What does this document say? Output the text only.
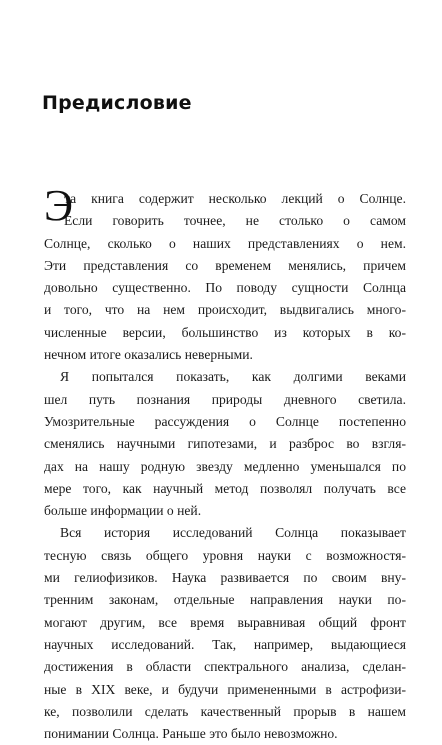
Предисловие
Э
та книга содержит несколько лекций о Солнце.
Если говорить точнее, не столько о самом
Солнце, сколько о наших представлениях о нем.
Эти представления со временем менялись, причем
довольно существенно. По поводу сущности Солнца
и того, что на нем происходит, выдвигались много-
численные версии, большинство из которых в ко-
нечном итоге оказались неверными.
Я попытался показать, как долгими веками
шел путь познания природы дневного светила.
Умозрительные рассуждения о Солнце постепенно
сменялись научными гипотезами, и разброс во взгля-
дах на нашу родную звезду медленно уменьшался по
мере того, как научный метод позволял получать все
больше информации о ней.
Вся история исследований Солнца показывает
тесную связь общего уровня науки с возможностя-
ми гелиофизиков. Наука развивается по своим вну-
тренним законам, отдельные направления науки по-
могают другим, все время выравнивая общий фронт
научных исследований. Так, например, выдающиеся
достижения в области спектрального анализа, сделан-
ные в XIX веке, и будучи примененными в астрофизи-
ке, позволили сделать качественный прорыв в нашем
понимании Солнца. Раньше это было невозможно.
